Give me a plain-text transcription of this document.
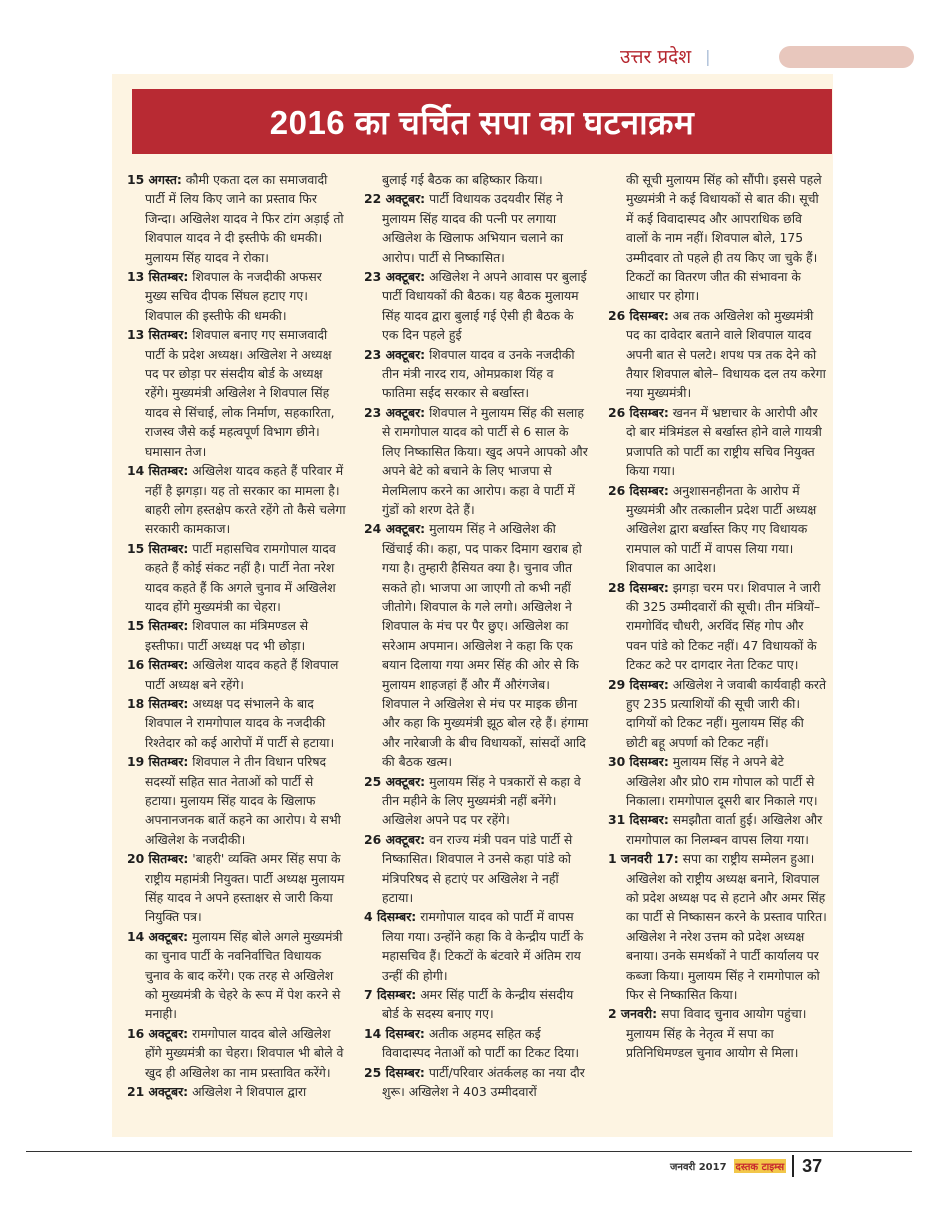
उत्तर प्रदेश |
2016 का चर्चित सपा का घटनाक्रम

15 अगस्त: कौमी एकता दल का समाजवादी पार्टी में लिय किए जाने का प्रस्ताव फिर जिन्दा। अखिलेश यादव ने फिर टांग अड़ाई तो शिवपाल यादव ने दी इस्तीफे की धमकी। मुलायम सिंह यादव ने रोका।

13 सितम्बर: शिवपाल के नजदीकी अफसर मुख्य सचिव दीपक सिंघल हटाए गए। शिवपाल की इस्तीफे की धमकी।

13 सितम्बर: शिवपाल बनाए गए समाजवादी पार्टी के प्रदेश अध्यक्ष। अखिलेश ने अध्यक्ष पद पर छोड़ा पर संसदीय बोर्ड के अध्यक्ष रहेंगे। मुख्यमंत्री अखिलेश ने शिवपाल सिंह यादव से सिंचाई, लोक निर्माण, सहकारिता, राजस्व जैसे कई महत्वपूर्ण विभाग छीने। घमासान तेज।

14 सितम्बर: अखिलेश यादव कहते हैं परिवार में नहीं है झगड़ा। यह तो सरकार का मामला है। बाहरी लोग हस्तक्षेप करते रहेंगे तो कैसे चलेगा सरकारी कामकाज।

15 सितम्बर: पार्टी महासचिव रामगोपाल यादव कहते हैं कोई संकट नहीं है। पार्टी नेता नरेश यादव कहते हैं कि अगले चुनाव में अखिलेश यादव होंगे मुख्यमंत्री का चेहरा।

15 सितम्बर: शिवपाल का मंत्रिमण्डल से इस्तीफा। पार्टी अध्यक्ष पद भी छोड़ा।

16 सितम्बर: अखिलेश यादव कहते हैं शिवपाल पार्टी अध्यक्ष बने रहेंगे।

18 सितम्बर: अध्यक्ष पद संभालने के बाद शिवपाल ने रामगोपाल यादव के नजदीकी रिश्तेदार को कई आरोपों में पार्टी से हटाया।

19 सितम्बर: शिवपाल ने तीन विधान परिषद सदस्यों सहित सात नेताओं को पार्टी से हटाया। मुलायम सिंह यादव के खिलाफ अपनानजनक बातें कहने का आरोप। ये सभी अखिलेश के नजदीकी।

20 सितम्बर: 'बाहरी' व्यक्ति अमर सिंह सपा के राष्ट्रीय महामंत्री नियुक्त। पार्टी अध्यक्ष मुलायम सिंह यादव ने अपने हस्ताक्षर से जारी किया नियुक्ति पत्र।

14 अक्टूबर: मुलायम सिंह बोले अगले मुख्यमंत्री का चुनाव पार्टी के नवनिर्वाचित विधायक चुनाव के बाद करेंगे। एक तरह से अखिलेश को मुख्यमंत्री के चेहरे के रूप में पेश करने से मनाही।

16 अक्टूबर: रामगोपाल यादव बोले अखिलेश होंगे मुख्यमंत्री का चेहरा। शिवपाल भी बोले वे खुद ही अखिलेश का नाम प्रस्तावित करेंगे।

21 अक्टूबर: अखिलेश ने शिवपाल द्वारा

बुलाई गई बैठक का बहिष्कार किया।

22 अक्टूबर: पार्टी विधायक उदयवीर सिंह ने मुलायम सिंह यादव की पत्नी पर लगाया अखिलेश के खिलाफ अभियान चलाने का आरोप। पार्टी से निष्कासित।

23 अक्टूबर: अखिलेश ने अपने आवास पर बुलाई पार्टी विधायकों की बैठक। यह बैठक मुलायम सिंह यादव द्वारा बुलाई गई ऐसी ही बैठक के एक दिन पहले हुई

23 अक्टूबर: शिवपाल यादव व उनके नजदीकी तीन मंत्री नारद राय, ओमप्रकाश यिंह व फातिमा सईद सरकार से बर्खास्त।

23 अक्टूबर: शिवपाल ने मुलायम सिंह की सलाह से रामगोपाल यादव को पार्टी से 6 साल के लिए निष्कासित किया। खुद अपने आपको और अपने बेटे को बचाने के लिए भाजपा से मेलमिलाप करने का आरोप। कहा वे पार्टी में गुंडों को शरण देते हैं।

24 अक्टूबर: मुलायम सिंह ने अखिलेश की खिंचाई की। कहा, पद पाकर दिमाग खराब हो गया है। तुम्हारी हैसियत क्या है। चुनाव जीत सकते हो। भाजपा आ जाएगी तो कभी नहीं जीतोगे। शिवपाल के गले लगो। अखिलेश ने शिवपाल के मंच पर पैर छुए। अखिलेश का सरेआम अपमान। अखिलेश ने कहा कि एक बयान दिलाया गया अमर सिंह की ओर से कि मुलायम शाहजहां हैं और मैं औरंगजेब। शिवपाल ने अखिलेश से मंच पर माइक छीना और कहा कि मुख्यमंत्री झूठ बोल रहे हैं। हंगामा और नारेबाजी के बीच विधायकों, सांसदों आदि की बैठक खत्म।

25 अक्टूबर: मुलायम सिंह ने पत्रकारों से कहा वे तीन महीने के लिए मुख्यमंत्री नहीं बनेंगे। अखिलेश अपने पद पर रहेंगे।

26 अक्टूबर: वन राज्य मंत्री पवन पांडे पार्टी से निष्कासित। शिवपाल ने उनसे कहा पांडे को मंत्रिपरिषद से हटाएं पर अखिलेश ने नहीं हटाया।

4 दिसम्बर: रामगोपाल यादव को पार्टी में वापस लिया गया। उन्होंने कहा कि वे केन्द्रीय पार्टी के महासचिव हैं। टिकटों के बंटवारे में अंतिम राय उन्हीं की होगी।

7 दिसम्बर: अमर सिंह पार्टी के केन्द्रीय संसदीय बोर्ड के सदस्य बनाए गए।

14 दिसम्बर: अतीक अहमद सहित कई विवादास्पद नेताओं को पार्टी का टिकट दिया।

25 दिसम्बर: पार्टी/परिवार अंतर्कलह का नया दौर शुरू। अखिलेश ने 403 उम्मीदवारों

की सूची मुलायम सिंह को सौंपी। इससे पहले मुख्यमंत्री ने कई विधायकों से बात की। सूची में कई विवादास्पद और आपराधिक छवि वालों के नाम नहीं। शिवपाल बोले, 175 उम्मीदवार तो पहले ही तय किए जा चुके हैं। टिकटों का वितरण जीत की संभावना के आधार पर होगा।

26 दिसम्बर: अब तक अखिलेश को मुख्यमंत्री पद का दावेदार बताने वाले शिवपाल यादव अपनी बात से पलटे। शपथ पत्र तक देने को तैयार शिवपाल बोले– विधायक दल तय करेगा नया मुख्यमंत्री।

26 दिसम्बर: खनन में भ्रष्टाचार के आरोपी और दो बार मंत्रिमंडल से बर्खास्त होने वाले गायत्री प्रजापति को पार्टी का राष्ट्रीय सचिव नियुक्त किया गया।

26 दिसम्बर: अनुशासनहीनता के आरोप में मुख्यमंत्री और तत्कालीन प्रदेश पार्टी अध्यक्ष अखिलेश द्वारा बर्खास्त किए गए विधायक रामपाल को पार्टी में वापस लिया गया। शिवपाल का आदेश।

28 दिसम्बर: झगड़ा चरम पर। शिवपाल ने जारी की 325 उम्मीदवारों की सूची। तीन मंत्रियों– रामगोविंद चौधरी, अरविंद सिंह गोप और पवन पांडे को टिकट नहीं। 47 विधायकों के टिकट कटे पर दागदार नेता टिकट पाए।

29 दिसम्बर: अखिलेश ने जवाबी कार्यवाही करते हुए 235 प्रत्याशियों की सूची जारी की। दागियों को टिकट नहीं। मुलायम सिंह की छोटी बहू अपर्णा को टिकट नहीं।

30 दिसम्बर: मुलायम सिंह ने अपने बेटे अखिलेश और प्रो0 राम गोपाल को पार्टी से निकाला। रामगोपाल दूसरी बार निकाले गए।

31 दिसम्बर: समझौता वार्ता हुई। अखिलेश और रामगोपाल का निलम्बन वापस लिया गया।

1 जनवरी 17: सपा का राष्ट्रीय सम्मेलन हुआ। अखिलेश को राष्ट्रीय अध्यक्ष बनाने, शिवपाल को प्रदेश अध्यक्ष पद से हटाने और अमर सिंह का पार्टी से निष्कासन करने के प्रस्ताव पारित। अखिलेश ने नरेश उत्तम को प्रदेश अध्यक्ष बनाया। उनके समर्थकों ने पार्टी कार्यालय पर कब्जा किया। मुलायम सिंह ने रामगोपाल को फिर से निष्कासित किया।

2 जनवरी: सपा विवाद चुनाव आयोग पहुंचा। मुलायम सिंह के नेतृत्व में सपा का प्रतिनिधिमण्डल चुनाव आयोग से मिला।

जनवरी 2017 दस्तक टाइम्स 37
